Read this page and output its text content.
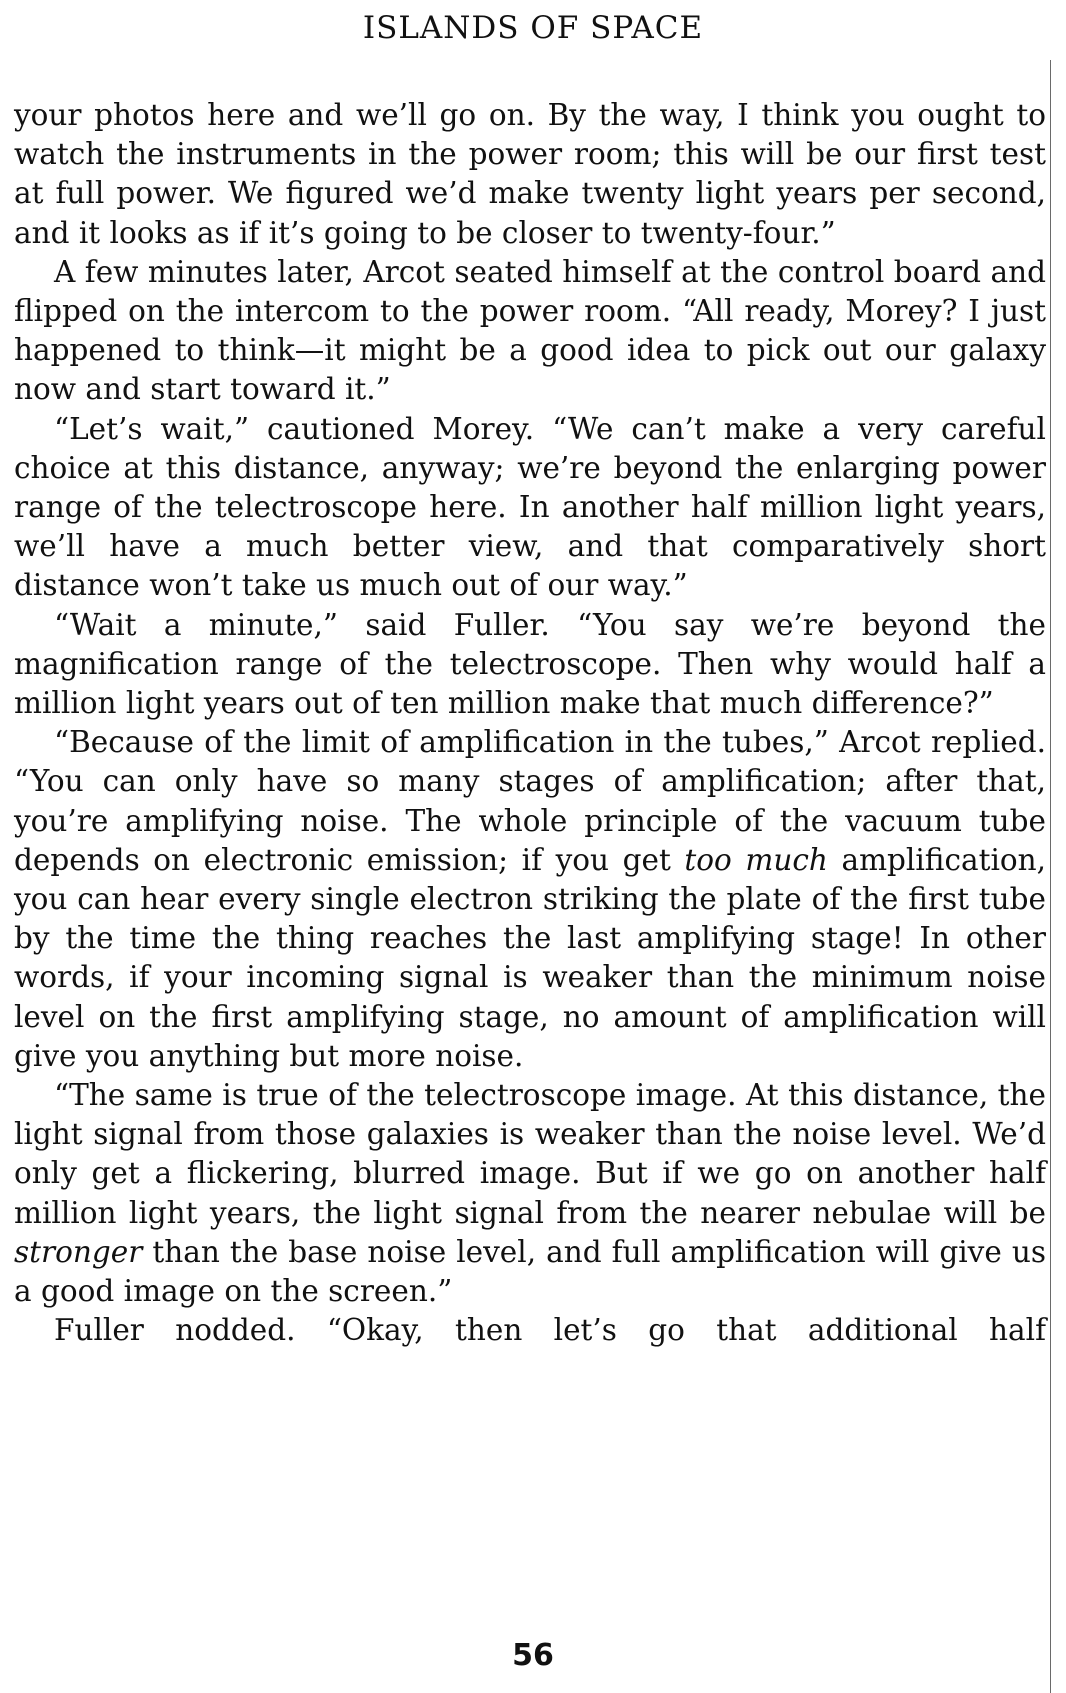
ISLANDS OF SPACE

your photos here and we’ll go on. By the way, I think you ought to watch the instruments in the power room; this will be our first test at full power. We figured we’d make twenty light years per second, and it looks as if it’s going to be closer to twenty-four.”

A few minutes later, Arcot seated himself at the control board and flipped on the intercom to the power room. “All ready, Morey? I just happened to think—it might be a good idea to pick out our galaxy now and start toward it.”

“Let’s wait,” cautioned Morey. “We can’t make a very careful choice at this distance, anyway; we’re beyond the enlarging power range of the telectroscope here. In another half million light years, we’ll have a much better view, and that comparatively short distance won’t take us much out of our way.”

“Wait a minute,” said Fuller. “You say we’re beyond the magnification range of the telectroscope. Then why would half a million light years out of ten million make that much difference?”

“Because of the limit of amplification in the tubes,” Arcot replied. “You can only have so many stages of amplification; after that, you’re amplifying noise. The whole principle of the vacuum tube depends on electronic emission; if you get too much amplification, you can hear every single electron striking the plate of the first tube by the time the thing reaches the last amplifying stage! In other words, if your incoming signal is weaker than the minimum noise level on the first amplifying stage, no amount of amplification will give you anything but more noise.

“The same is true of the telectroscope image. At this distance, the light signal from those galaxies is weaker than the noise level. We’d only get a flickering, blurred image. But if we go on another half million light years, the light signal from the nearer nebulae will be stronger than the base noise level, and full amplification will give us a good image on the screen.”

Fuller nodded. “Okay, then let’s go that additional half

56
